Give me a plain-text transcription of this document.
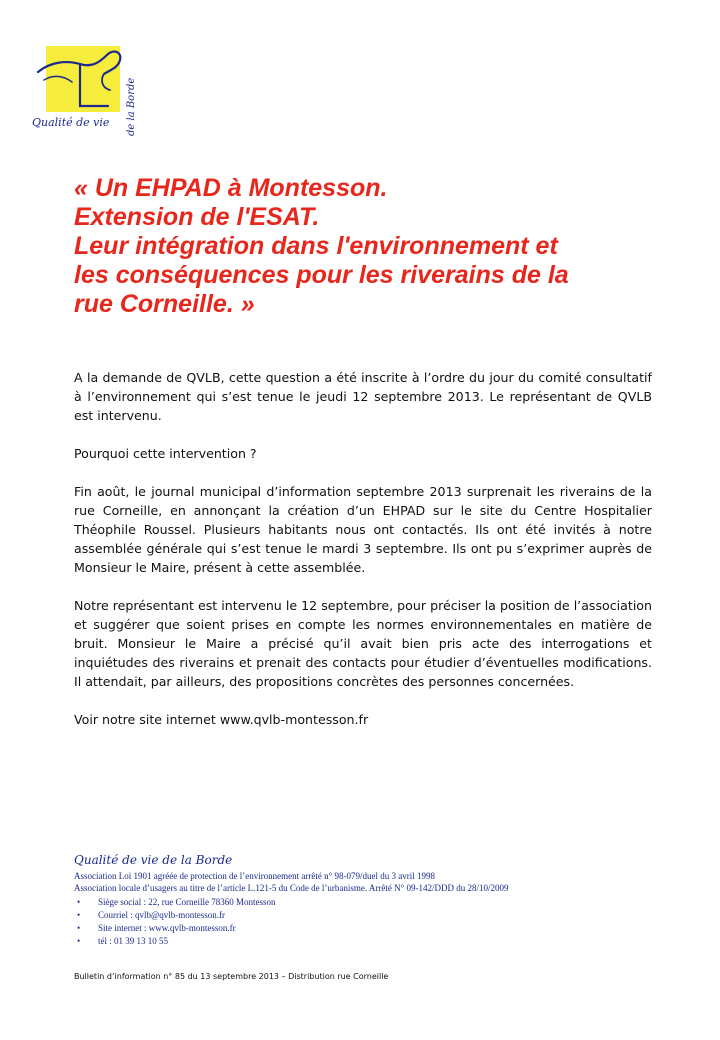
Qualité de vie de la Borde
« Un EHPAD à Montesson.
Extension de l'ESAT.
Leur intégration dans l'environnement et
les conséquences pour les riverains de la
rue Corneille. »

A la demande de QVLB, cette question a été inscrite à l’ordre du jour du comité consultatif à l’environnement qui s’est tenue le jeudi 12 septembre 2013. Le représentant de QVLB est intervenu.

Pourquoi cette intervention ?

Fin août, le journal municipal d’information septembre 2013 surprenait les riverains de la rue Corneille, en annonçant la création d’un EHPAD sur le site du Centre Hospitalier Théophile Roussel. Plusieurs habitants nous ont contactés. Ils ont été invités à notre assemblée générale qui s’est tenue le mardi 3 septembre. Ils ont pu s’exprimer auprès de Monsieur le Maire, présent à cette assemblée.

Notre représentant est intervenu le 12 septembre, pour préciser la position de l’association et suggérer que soient prises en compte les normes environnementales en matière de bruit. Monsieur le Maire a précisé qu’il avait bien pris acte des interrogations et inquiétudes des riverains et prenait des contacts pour étudier d’éventuelles modifications. Il attendait, par ailleurs, des propositions concrètes des personnes concernées.

Voir notre site internet www.qvlb-montesson.fr

Qualité de vie de la Borde
Association Loi 1901 agréée de protection de l’environnement arrêté n° 98-079/duel du 3 avril 1998
Association locale d’usagers au titre de l’article L.121-5 du Code de l’urbanisme. Arrêté N° 09-142/DDD du 28/10/2009
• Siège social : 22, rue Corneille 78360 Montesson
• Courriel : qvlb@qvlb-montesson.fr
• Site internet : www.qvlb-montesson.fr
• tél : 01 39 13 10 55
Bulletin d’information n° 85 du 13 septembre 2013 – Distribution rue Corneille
